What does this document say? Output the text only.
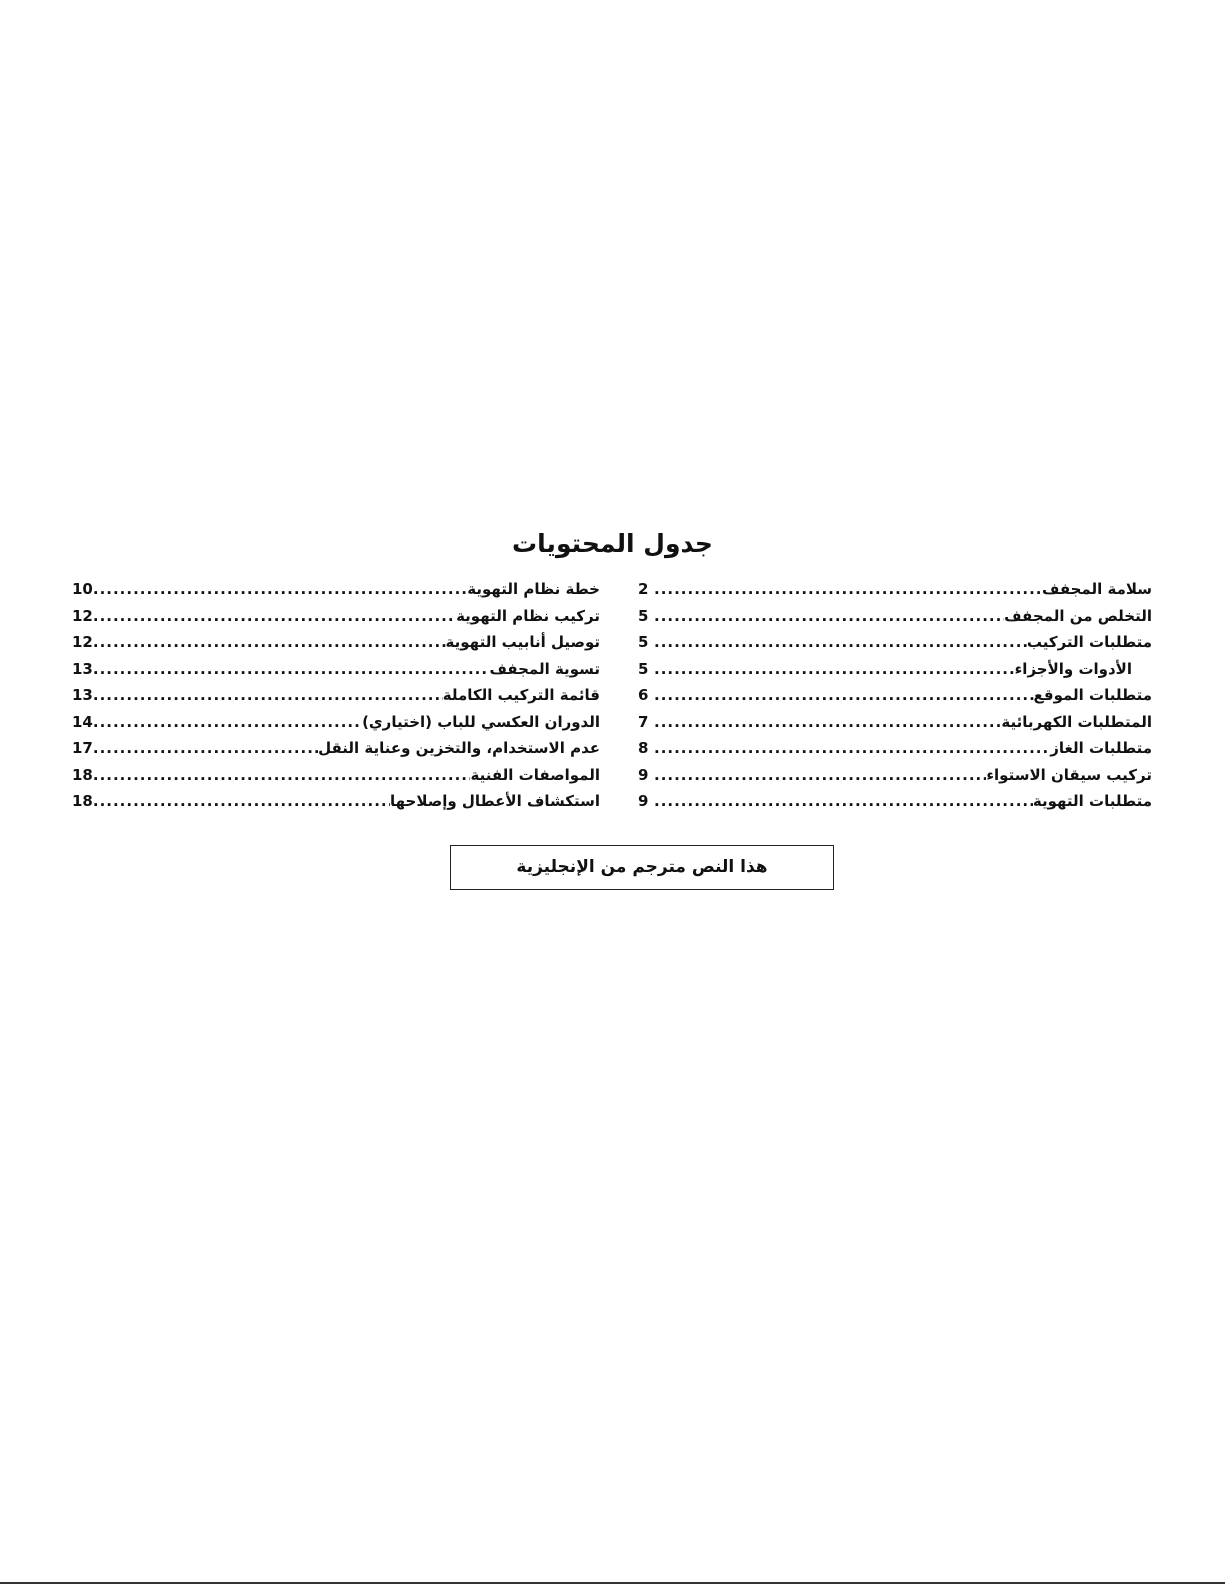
جدول المحتويات
سلامة المجفف
.....
2
التخلص من المجفف
.....
5
متطلبات التركيب
.....
5
الأدوات والأجزاء
.....
5
متطلبات الموقع
.....
6
المتطلبات الكهربائية
.....
7
متطلبات الغاز
.....
8
تركيب سيقان الاستواء
.....
9
متطلبات التهوية
.....
9
خطة نظام التهوية
.....
10
تركيب نظام التهوية
.....
12
توصيل أنابيب التهوية
.....
12
تسوية المجفف
.....
13
قائمة التركيب الكاملة
.....
13
الدوران العكسي للباب (اختياري)
.....
14
عدم الاستخدام، والتخزين وعناية النقل
.....
17
المواصفات الفنية
.....
18
استكشاف الأعطال وإصلاحها
.....
18
هذا النص مترجم من الإنجليزية
